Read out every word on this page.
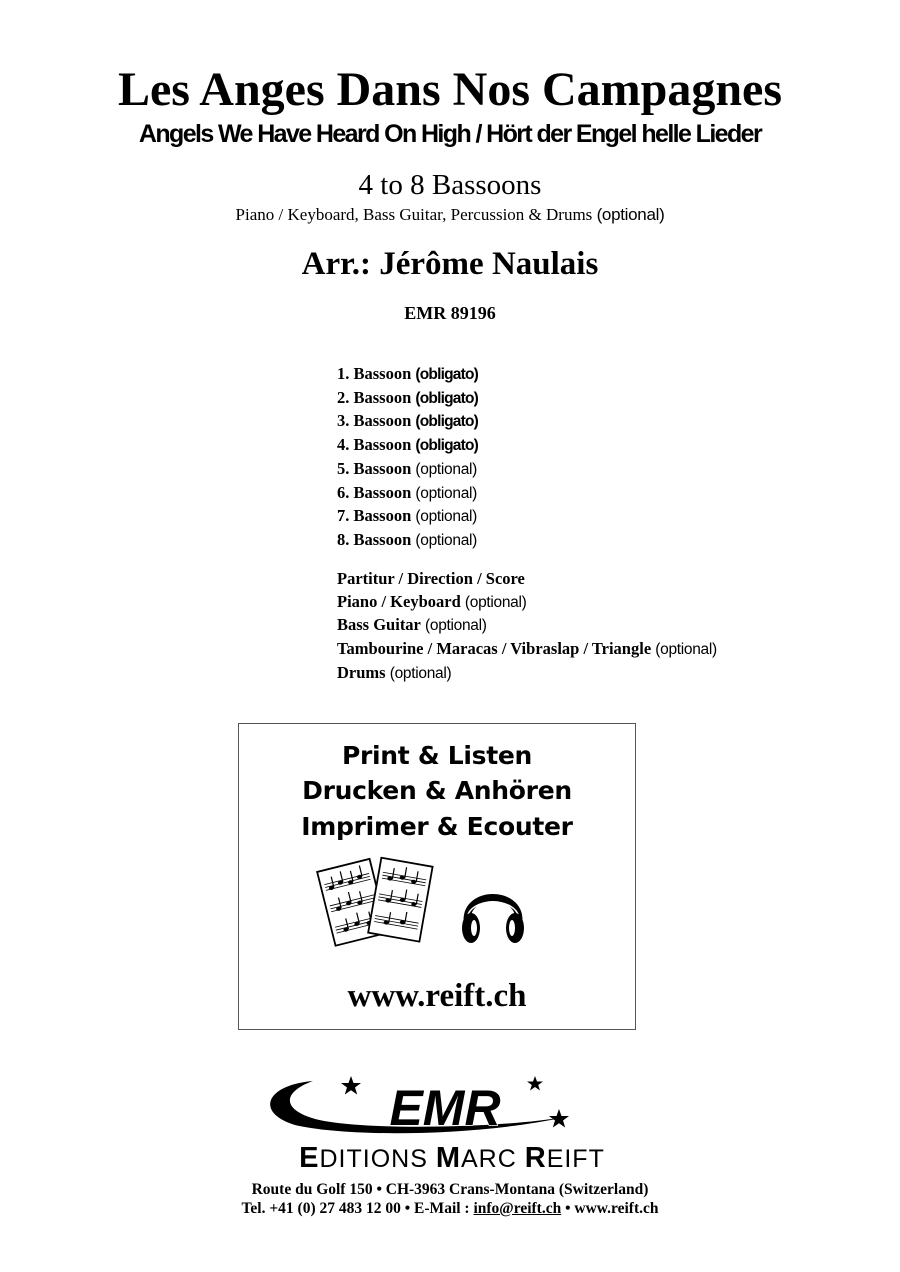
Les Anges Dans Nos Campagnes
Angels We Have Heard On High / Hört der Engel helle Lieder
4 to 8 Bassoons
Piano / Keyboard, Bass Guitar, Percussion & Drums (optional)
Arr.: Jérôme Naulais
EMR 89196
1. Bassoon (obligato)
2. Bassoon (obligato)
3. Bassoon (obligato)
4. Bassoon (obligato)
5. Bassoon (optional)
6. Bassoon (optional)
7. Bassoon (optional)
8. Bassoon (optional)
Partitur / Direction / Score
Piano / Keyboard (optional)
Bass Guitar (optional)
Tambourine / Maracas / Vibraslap / Triangle (optional)
Drums (optional)
Print & Listen
Drucken & Anhören
Imprimer & Ecouter
www.reift.ch
EMR
EDITIONS MARC REIFT
Route du Golf 150 • CH-3963 Crans-Montana (Switzerland)
Tel. +41 (0) 27 483 12 00 • E-Mail : info@reift.ch • www.reift.ch
